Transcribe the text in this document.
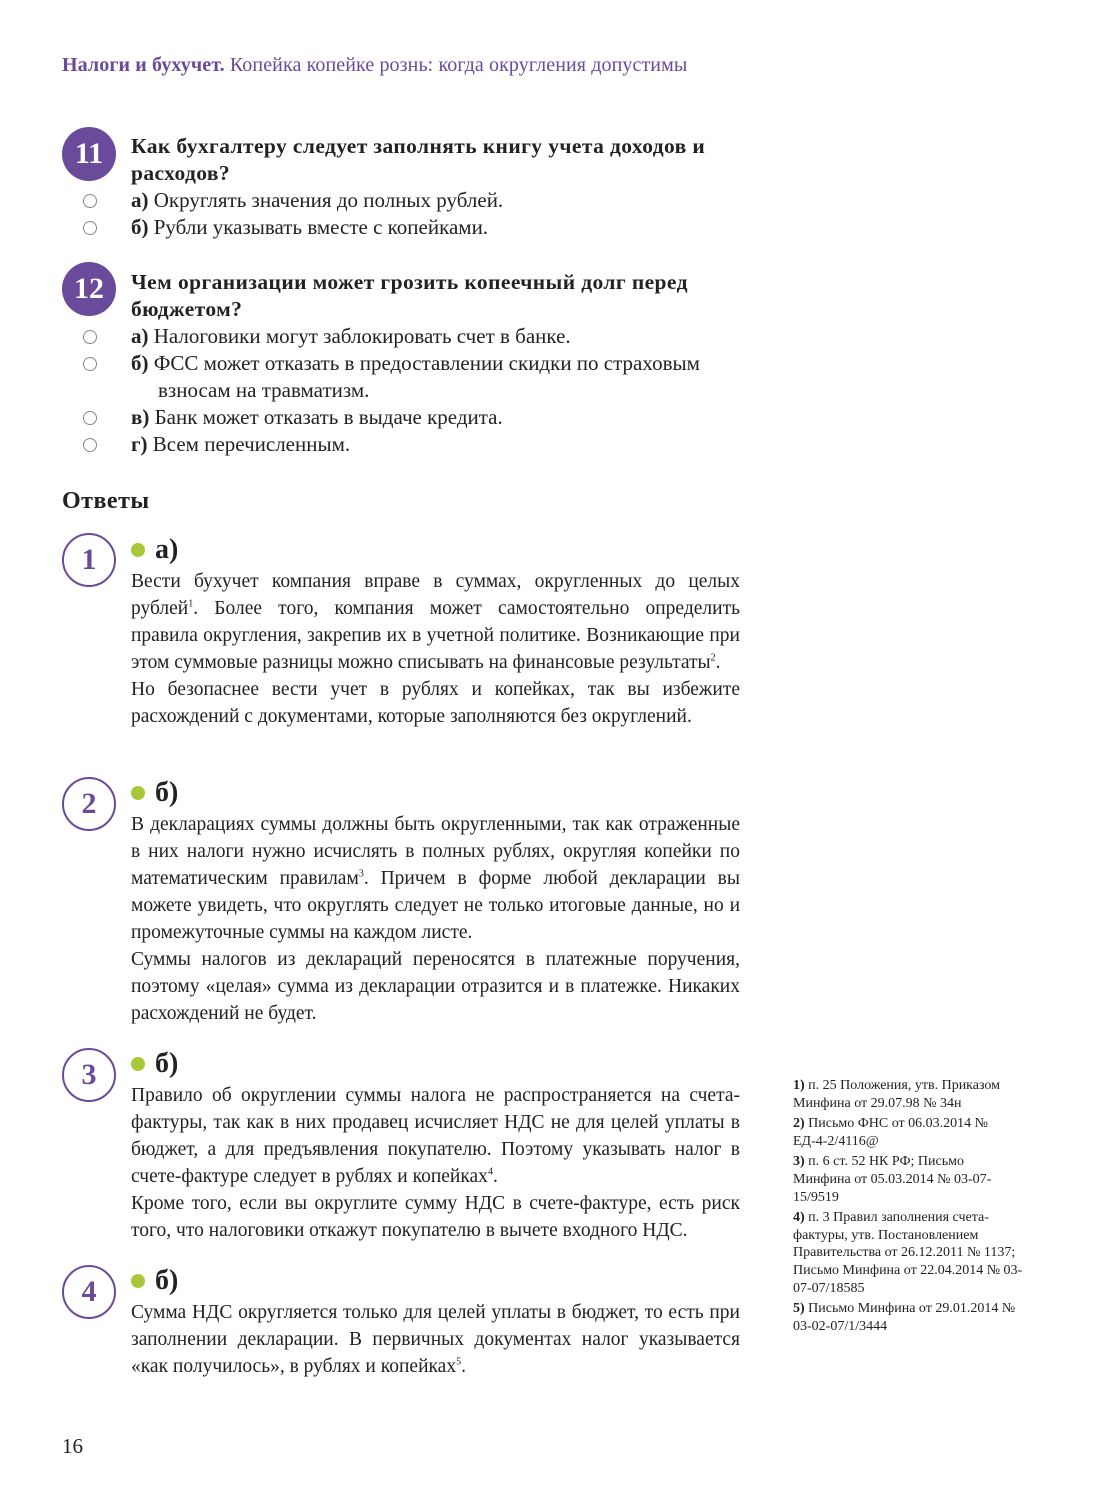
Налоги и бухучет. Копейка копейке рознь: когда округления допустимы
11	Как бухгалтеру следует заполнять книгу учета доходов и расходов?
а) Округлять значения до полных рублей.
б) Рубли указывать вместе с копейками.
12	Чем организации может грозить копеечный долг перед бюджетом?
а) Налоговики могут заблокировать счет в банке.
б) ФСС может отказать в предоставлении скидки по страховым взносам на травматизм.
в) Банк может отказать в выдаче кредита.
г) Всем перечисленным.
Ответы
1	а)

Вести бухучет компания вправе в суммах, округленных до целых рублей$^1$. Более того, компания может самостоятельно определить правила округления, закрепив их в учетной политике. Возникающие при этом суммовые разницы можно списывать на финансовые результаты$^2$.

Но безопаснее вести учет в рублях и копейках, так вы избежите расхождений с документами, которые заполняются без округлений.

2	б)

В декларациях суммы должны быть округленными, так как отраженные в них налоги нужно исчислять в полных рублях, округляя копейки по математическим правилам$^3$. Причем в форме любой декларации вы можете увидеть, что округлять следует не только итоговые данные, но и промежуточные суммы на каждом листе.

Суммы налогов из деклараций переносятся в платежные поручения, поэтому «целая» сумма из декларации отразится и в платежке. Никаких расхождений не будет.

3	б)

Правило об округлении суммы налога не распространяется на счета-фактуры, так как в них продавец исчисляет НДС не для целей уплаты в бюджет, а для предъявления покупателю. Поэтому указывать налог в счете-фактуре следует в рублях и копейках$^4$.

Кроме того, если вы округлите сумму НДС в счете-фактуре, есть риск того, что налоговики откажут покупателю в вычете входного НДС.

4	б)

Сумма НДС округляется только для целей уплаты в бюджет, то есть при заполнении декларации. В первичных документах налог указывается «как получилось», в рублях и копейках$^5$.

1) п. 25 Положения, утв. Приказом Минфина от 29.07.98 № 34н
2) Письмо ФНС от 06.03.2014 № ЕД-4-2/4116@
3) п. 6 ст. 52 НК РФ; Письмо Минфина от 05.03.2014 № 03-07-15/9519
4) п. 3 Правил заполнения счета-фактуры, утв. Постановлением Правительства от 26.12.2011 № 1137; Письмо Минфина от 22.04.2014 № 03-07-07/18585
5) Письмо Минфина от 29.01.2014 № 03-02-07/1/3444
16
